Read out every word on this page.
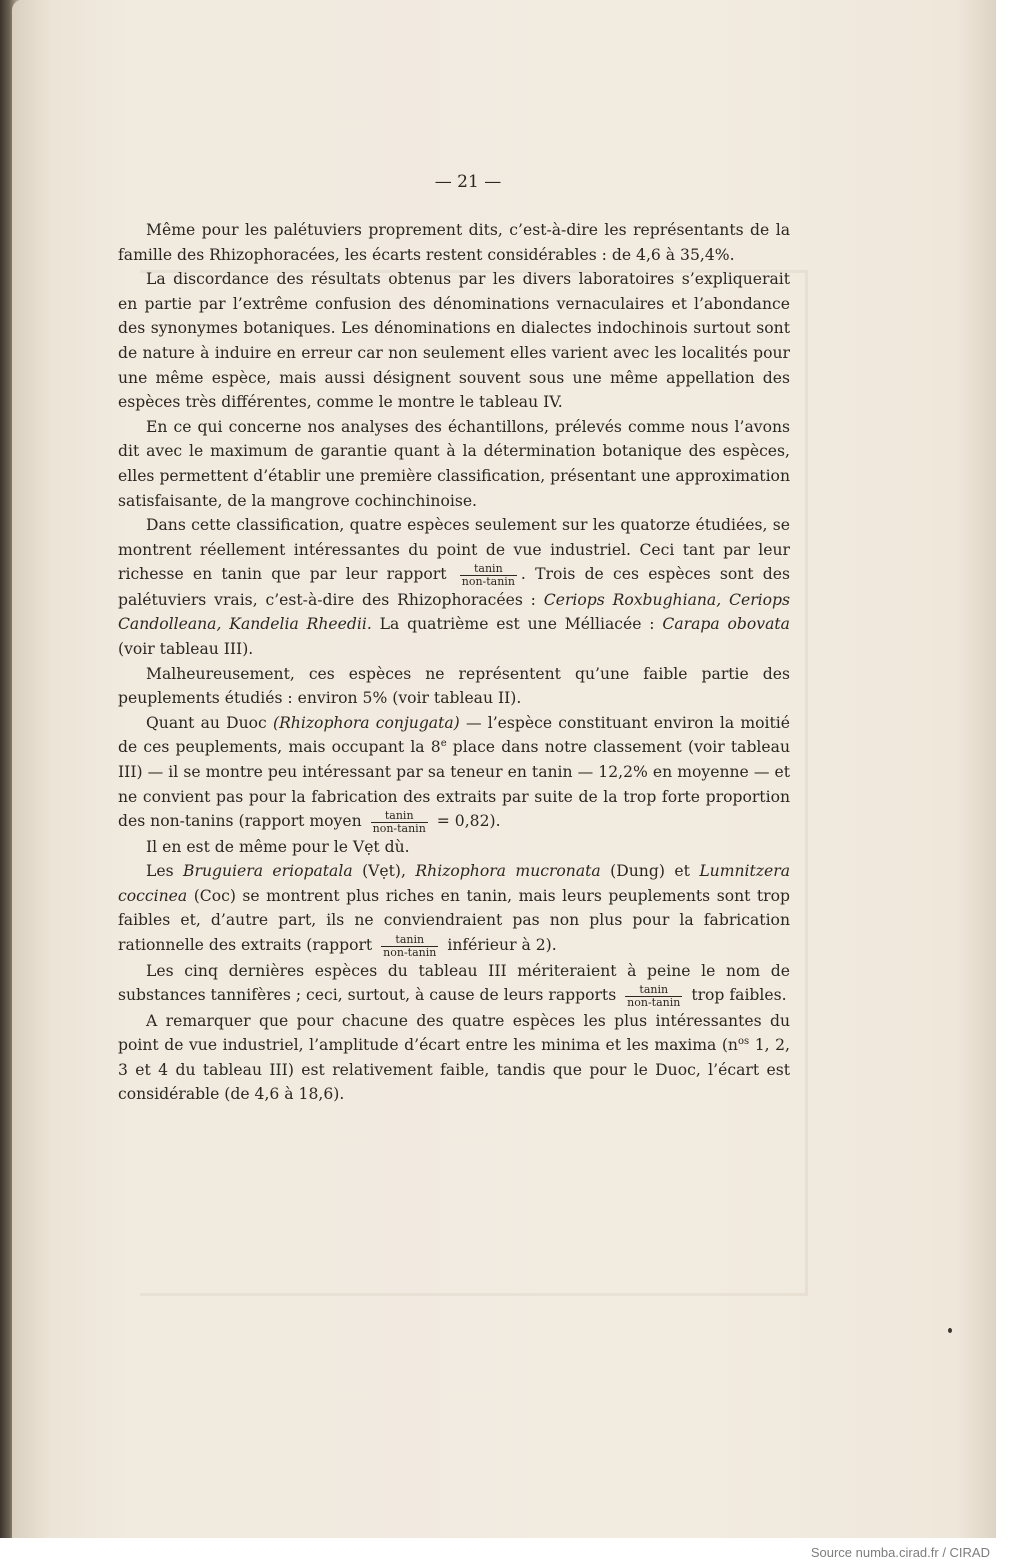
— 21 —

Même pour les palétuviers proprement dits, c’est-à-dire les représentants de la famille des Rhizophoracées, les écarts restent considérables : de 4,6 à 35,4%.

La discordance des résultats obtenus par les divers laboratoires s’expliquerait en partie par l’extrême confusion des dénominations vernaculaires et l’abondance des synonymes botaniques. Les dénominations en dialectes indochinois surtout sont de nature à induire en erreur car non seulement elles varient avec les localités pour une même espèce, mais aussi désignent souvent sous une même appellation des espèces très différentes, comme le montre le tableau IV.

En ce qui concerne nos analyses des échantillons, prélevés comme nous l’avons dit avec le maximum de garantie quant à la détermination botanique des espèces, elles permettent d’établir une première classification, présentant une approximation satisfaisante, de la mangrove cochinchinoise.

Dans cette classification, quatre espèces seulement sur les quatorze étudiées, se montrent réellement intéressantes du point de vue industriel. Ceci tant par leur richesse en tanin que par leur rapport $\frac{\text{tanin}}{\text{non-tanin}}$ . Trois de ces espèces sont des palétuviers vrais, c’est-à-dire des Rhizophoracées : Ceriops Roxbughiana, Ceriops Candolleana, Kandelia Rheedii. La quatrième est une Mélliacée : Carapa obovata (voir tableau III).

Malheureusement, ces espèces ne représentent qu’une faible partie des peuplements étudiés : environ 5% (voir tableau II).

Quant au Duoc (Rhizophora conjugata) — l’espèce constituant environ la moitié de ces peuplements, mais occupant la 8e place dans notre classement (voir tableau III) — il se montre peu intéressant par sa teneur en tanin — 12,2% en moyenne — et ne convient pas pour la fabrication des extraits par suite de la trop forte proportion des non-tanins (rapport moyen $\frac{\text{tanin}}{\text{non-tanin}} = 0,82$).

Il en est de même pour le Vẹt dù.

Les Bruguiera eriopatala (Vẹt), Rhizophora mucronata (Dung) et Lumnitzera coccinea (Coc) se montrent plus riches en tanin, mais leurs peuplements sont trop faibles et, d’autre part, ils ne conviendraient pas non plus pour la fabrication rationnelle des extraits (rapport $\frac{\text{tanin}}{\text{non-tanin}}$ inférieur à 2).

Les cinq dernières espèces du tableau III mériteraient à peine le nom de substances tannifères ; ceci, surtout, à cause de leurs rapports $\frac{\text{tanin}}{\text{non-tanin}}$ trop faibles.

A remarquer que pour chacune des quatre espèces les plus intéressantes du point de vue industriel, l’amplitude d’écart entre les minima et les maxima ($n^{os}$ 1, 2, 3 et 4 du tableau III) est relativement faible, tandis que pour le Duoc, l’écart est considérable (de 4,6 à 18,6).

Source numba.cirad.fr / CIRAD
